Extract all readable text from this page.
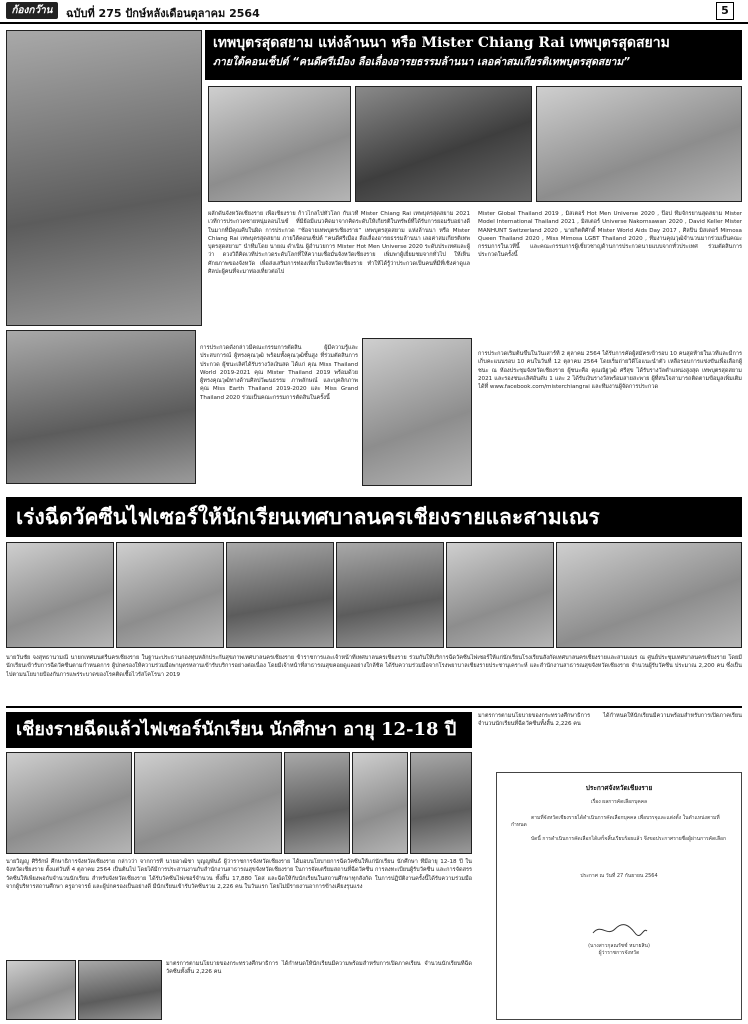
ก้องกว๊าน	ฉบับที่ 275 ปักษ์หลังเดือนตุลาคม 2564	5
เทพบุตรสุดสยาม แห่งล้านนา หรือ Mister Chiang Rai เทพบุตรสุดสยาม
ภายใต้คอนเซ็ปต์ “คนดีศรีเมือง ลือเลื่องอารยธรรมล้านนา เลอค่าสมเกียรติเทพบุตรสุดสยาม”
ผลักดันจังหวัดเชียงราย เพื่อเชียงราย ก้าวไกลไปทั่วโลก กับเวที Mister Chiang Rai เทพบุตรสุดสยาม 2021 เวทีการประกวดชายหนุ่มลอนไนซ์ ที่มีย้อมีแนวคิดมาจากคิดระดับให้เกียรติในทรัพย์ที่ได้รับการยอมรับอย่างดีในมากที่มีคุณคีบในผิด การประกวด “ช้อจายเทพบุตรเชียงราย” เทพบุตรสุดสยาม แห่งล้านนา หรือ Mister Chiang Rai เทพบุตรสุดสยาม ภายใต้คอนเซ็ปต์ “คนดีศรีเมือง ลือเลื่องอารยธรรมล้านนา เลอค่าสมเกียรติเทพบุตรสุดสยาม” นำทีมโดย นายณ ดำเนิน ผู้อำนวยการ Mister Hot Men Universe 2020 ระดับประเทศและผู้ว่า ดวงวิถีคิดเวทีประกวดระดับโลกที่ให้ความเชื่อมั่นจังหวัดเชียงราย เพิ่มพาผู้เยี่ยมชมจากทั่วไป ให้เห็นศักยภาพของจังหวัด เพื่อส่งเสริมการท่องเที่ยวในจังหวัดเชียงราย ทำให้ได้รู้ว่าประกวดเป็นคนที่มีที่เชิงค่าดูแล ศิลปะผู้คนที่จะมาท่องเที่ยวต่อไป
Mister Global Thailand 2019 , มิสเตอร์ Hot Men Universe 2020 , ป๊อป ทีมจักรยานสุดสยาม Mister Model International Thailand 2021 , มิสเตอร์ Universe Nakornsawan 2020 , David Keller Mister MANHUNT Switzerland 2020 , นายกิตติศักดิ์ Mister World Aids Day 2017 , ศิลปิน มิสเตอร์ Mimosa Queen Thailand 2020 , Miss Mimosa LGBT Thailand 2020 , ทีมงานคุณวุฒิจำนวนมากร่วมเป็นคณะกรรมการในเวทีนี้ และคณะกรรมการผู้เชี่ยวชาญด้านการประกวดนายแบบจากทั่วประเทศ ร่วมตัดสินการประกวดในครั้งนี้
การประกวดดังกล่าวมีคณะกรรมการตัดสิน ผู้มีความรู้และประสบการณ์ ผู้ทรงคุณวุฒิ พร้อมทั้งคุณวุฒิชั้นสูง ที่ร่วมตัดสินการประกวด ผู้ชนะเลิศได้รับรางวัลเงินสด ได้แก่ คุณ Miss Thailand World 2019-2021 คุณ Mister Thailand 2019 พร้อมด้วยผู้ทรงคุณวุฒิทางด้านศิลปวัฒนธรรม ภาพลักษณ์ และบุคลิกภาพ คุณ Miss Earth Thailand 2019-2020 และ Miss Grand Thailand 2020 ร่วมเป็นคณะกรรมการตัดสินในครั้งนี้
การประกวดเริ่มต้นขึ้นในวันเสาร์ที่ 2 ตุลาคม 2564 ได้รับการคัดผู้สมัครเข้ารอบ 10 คนสุดท้ายในเวทีและมีการเก็บคะแนนรอบ 10 คนในวันที่ 12 ตุลาคม 2564 โดยเริ่มถ่ายวิดีโอแนะนำตัว เหลือรอบการแข่งขันเพื่อเลือกผู้ชนะ ณ ห้องประชุมจังหวัดเชียงราย ผู้ชนะคือ คุณณัฐวุฒิ ศรีสุข ได้รับรางวัลตำแหน่งสูงสุด เทพบุตรสุดสยาม 2021 และรองชนะเลิศอันดับ 1 และ 2 ได้รับเงินรางวัลพร้อมสายสะพาย ผู้ที่สนใจสามารถติดตามข้อมูลเพิ่มเติมได้ที่ www.facebook.com/misterchiangrai และทีมงานผู้จัดการประกวด
เร่งฉีดวัคซีนไฟเซอร์ให้นักเรียนเทศบาลนครเชียงรายและสามเณร
นายวันชัย จงสุทธานามณี นายกเทศมนตรีนครเชียงราย ในฐานะประธานกองทุนหลักประกันสุขภาพเทศบาลนครเชียงราย ข้าราชการและเจ้าหน้าที่เทศบาลนครเชียงราย ร่วมกันให้บริการฉีดวัคซีนไฟเซอร์ให้แก่นักเรียนโรงเรียนสังกัดเทศบาลนครเชียงรายและสามเณร ณ ศูนย์ประชุมเทศบาลนครเชียงราย โดยมีนักเรียนเข้ารับการฉีดวัคซีนตามกำหนดการ ผู้ปกครองให้ความร่วมมือพาบุตรหลานเข้ารับบริการอย่างต่อเนื่อง โดยมีเจ้าหน้าที่สาธารณสุขคอยดูแลอย่างใกล้ชิด ได้รับความร่วมมือจากโรงพยาบาลเชียงรายประชานุเคราะห์ และสำนักงานสาธารณสุขจังหวัดเชียงราย จำนวนผู้รับวัคซีน ประมาณ 2,200 คน ซึ่งเป็นไปตามนโยบายป้องกันการแพร่ระบาดของโรคติดเชื้อไวรัสโคโรนา 2019
เชียงรายฉีดแล้วไฟเซอร์นักเรียน นักศึกษา อายุ 12-18 ปี
มาตรการตามนโยบายของกระทรวงศึกษาธิการ ได้กำหนดให้นักเรียนมีความพร้อมสำหรับการเปิดภาคเรียน จำนวนนักเรียนที่ฉีดวัคซีนทั้งสิ้น 2,226 คน
นายวิญญู ศิริรักษ์ ศึกษาธิการจังหวัดเชียงราย กล่าวว่า จากการที่ นายอาฒิชา บุญญพันธ์ ผู้ว่าราชการจังหวัดเชียงราย ได้มอบนโยบายการฉีดวัคซีนให้แก่นักเรียน นักศึกษา ที่มีอายุ 12-18 ปี ในจังหวัดเชียงราย ตั้งแต่วันที่ 4 ตุลาคม 2564 เป็นต้นไป โดยได้มีการประสานงานกับสำนักงานสาธารณสุขจังหวัดเชียงราย ในการจัดเตรียมสถานที่ฉีดวัคซีน การลงทะเบียนผู้รับวัคซีน และการจัดสรรวัคซีนให้เพียงพอกับจำนวนนักเรียน สำหรับจังหวัดเชียงราย ได้รับวัคซีนไฟเซอร์จำนวน ทั้งสิ้น 17,880 โดส และฉีดให้กับนักเรียนในสถานศึกษาทุกสังกัด ในการปฏิบัติงานครั้งนี้ได้รับความร่วมมือจากผู้บริหารสถานศึกษา ครูอาจารย์ และผู้ปกครองเป็นอย่างดี มีนักเรียนเข้ารับวัคซีนรวม 2,226 คน ในวันแรก โดยไม่มีรายงานอาการข้างเคียงรุนแรง
มาตรการตามนโยบายของกระทรวงศึกษาธิการ ได้กำหนดให้นักเรียนมีความพร้อมสำหรับการเปิดภาคเรียน จำนวนนักเรียนที่ฉีดวัคซีนทั้งสิ้น 2,226 คน
ประกาศจังหวัดเชียงราย
เรื่อง ผลการคัดเลือกบุคคล
ตามที่จังหวัดเชียงรายได้ดำเนินการคัดเลือกบุคคล เพื่อบรรจุและแต่งตั้ง ในตำแหน่งตามที่กำหนด
บัดนี้ การดำเนินการคัดเลือกได้เสร็จสิ้นเรียบร้อยแล้ว จึงขอประกาศรายชื่อผู้ผ่านการคัดเลือก
ประกาศ ณ วันที่ 27 กันยายน 2564
(นางสาวกุลณรัชช์ หมายสิน)
ผู้ว่าราชการจังหวัด
